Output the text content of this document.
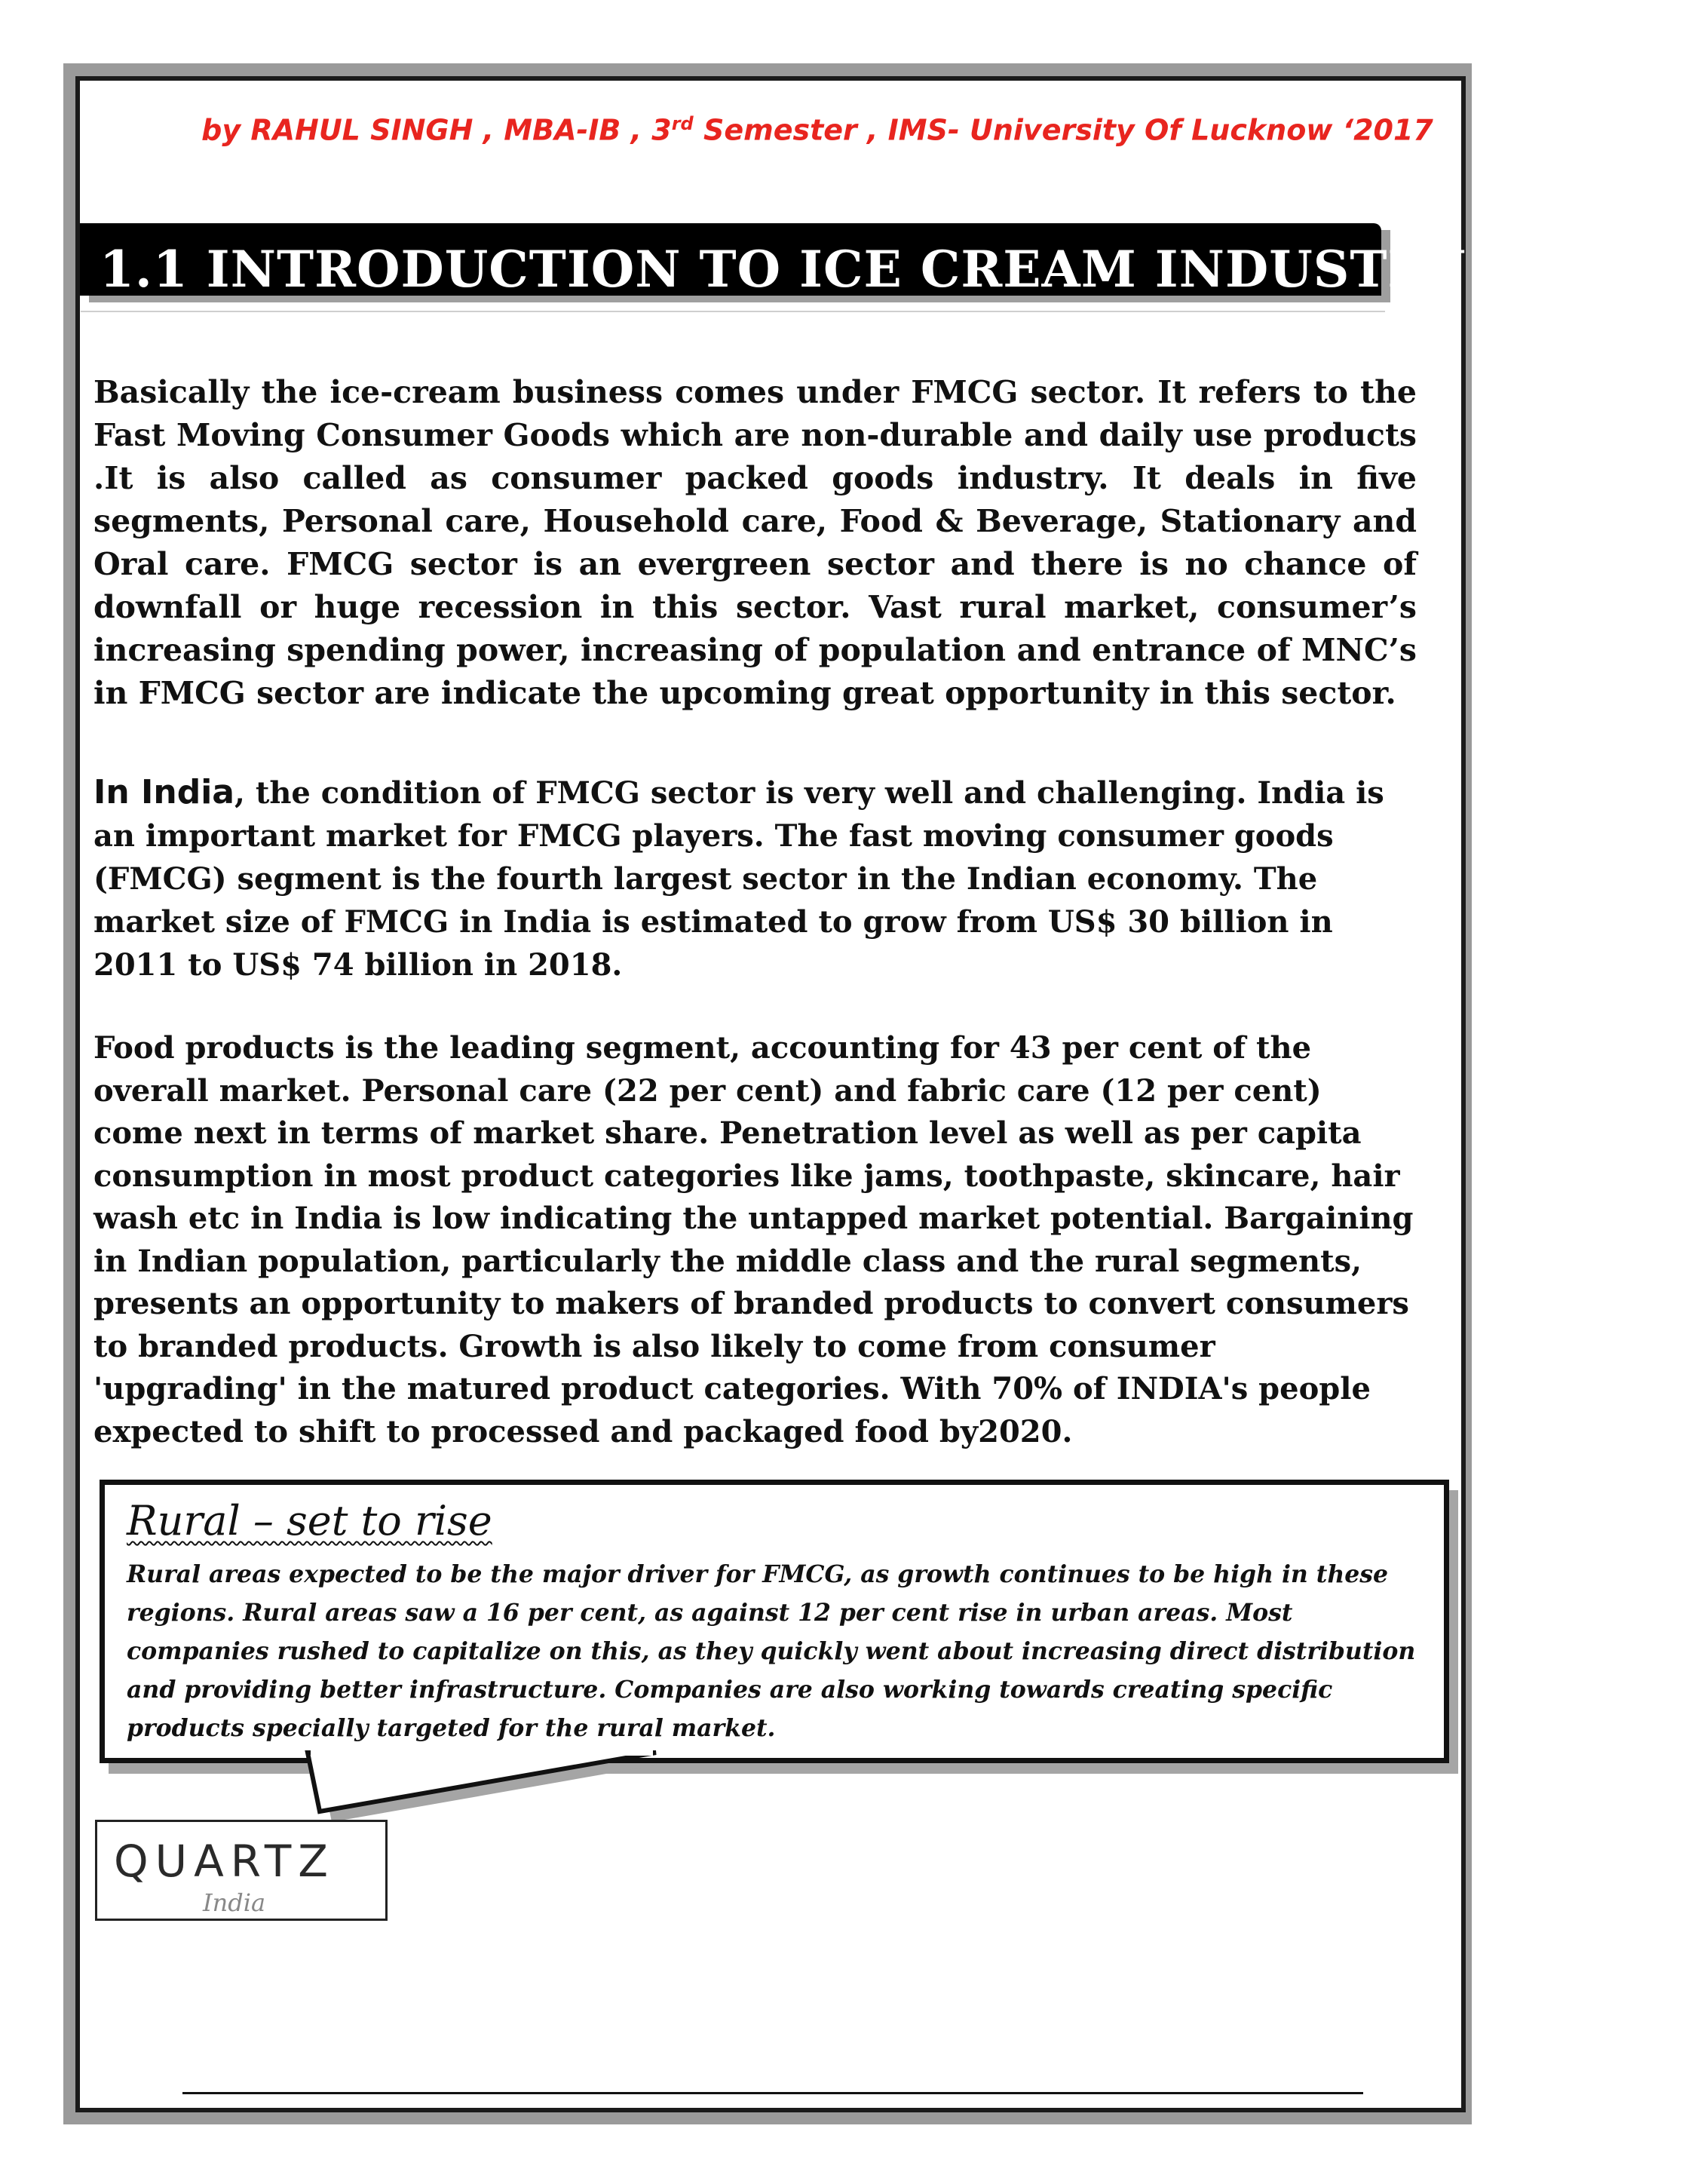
by RAHUL SINGH , MBA-IB , 3rd Semester , IMS- University Of Lucknow ‘2017
1.1 INTRODUCTION TO ICE CREAM INDUSTRY [FMCG]

Basically the ice-cream business comes under FMCG sector. It refers to the Fast Moving Consumer Goods which are non-durable and daily use products .It is also called as consumer packed goods industry. It deals in five segments, Personal care, Household care, Food & Beverage, Stationary and Oral care. FMCG sector is an evergreen sector and there is no chance of downfall or huge recession in this sector. Vast rural market, consumer’s increasing spending power, increasing of population and entrance of MNC’s in FMCG sector are indicate the upcoming great opportunity in this sector.

In India, the condition of FMCG sector is very well and challenging. India is an important market for FMCG players. The fast moving consumer goods (FMCG) segment is the fourth largest sector in the Indian economy. The market size of FMCG in India is estimated to grow from US$ 30 billion in 2011 to US$ 74 billion in 2018.

Food products is the leading segment, accounting for 43 per cent of the overall market. Personal care (22 per cent) and fabric care (12 per cent) come next in terms of market share. Penetration level as well as per capita consumption in most product categories like jams, toothpaste, skincare, hair wash etc in India is low indicating the untapped market potential. Bargaining in Indian population, particularly the middle class and the rural segments, presents an opportunity to makers of branded products to convert consumers to branded products. Growth is also likely to come from consumer 'upgrading' in the matured product categories. With 70% of INDIA's people expected to shift to processed and packaged food by2020.

Rural – set to rise

Rural areas expected to be the major driver for FMCG, as growth continues to be high in these regions. Rural areas saw a 16 per cent, as against 12 per cent rise in urban areas. Most companies rushed to capitalize on this, as they quickly went about increasing direct distribution and providing better infrastructure. Companies are also working towards creating specific products specially targeted for the rural market.

QUARTZ
India
